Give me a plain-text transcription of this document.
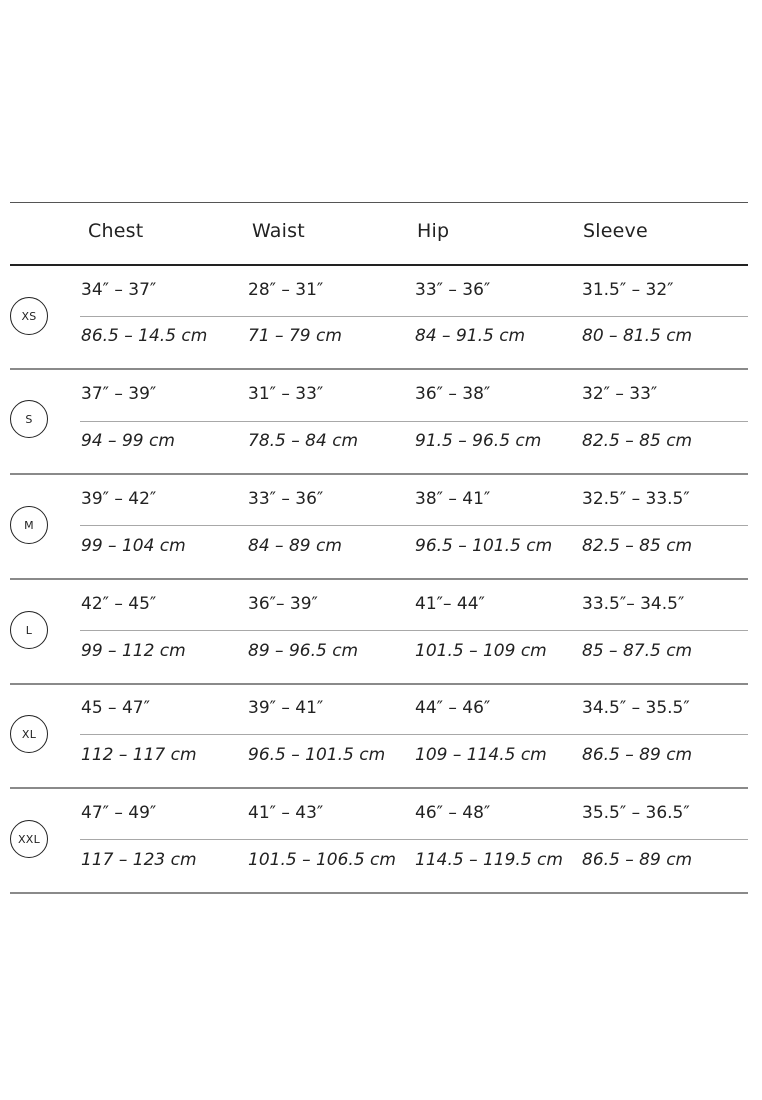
Chest	Waist	Hip	Sleeve
XS
34″ – 37″	28″ – 31″	33″ – 36″	31.5″ – 32″
86.5 – 14.5 cm 71 – 79 cm	84 – 91.5 cm	80 – 81.5 cm
S
37″ – 39″	31″ – 33″	36″ – 38″	32″ – 33″
94 – 99 cm	78.5 – 84 cm	91.5 – 96.5 cm 82.5 – 85 cm
M
39″ – 42″	33″ – 36″	38″ – 41″	32.5″ – 33.5″
99 – 104 cm	84 – 89 cm	96.5 – 101.5 cm 82.5 – 85 cm
L
42″ – 45″	36″– 39″	41″– 44″	33.5″– 34.5″
99 – 112 cm	89 – 96.5 cm	101.5 – 109 cm 85 – 87.5 cm
XL
45 – 47″	39″ – 41″	44″ – 46″	34.5″ – 35.5″
112 – 117 cm	96.5 – 101.5 cm 109 – 114.5 cm 86.5 – 89 cm
XXL
47″ – 49″	41″ – 43″	46″ – 48″	35.5″ – 36.5″
117 – 123 cm	101.5 – 106.5 cm 114.5 – 119.5 cm 86.5 – 89 cm
